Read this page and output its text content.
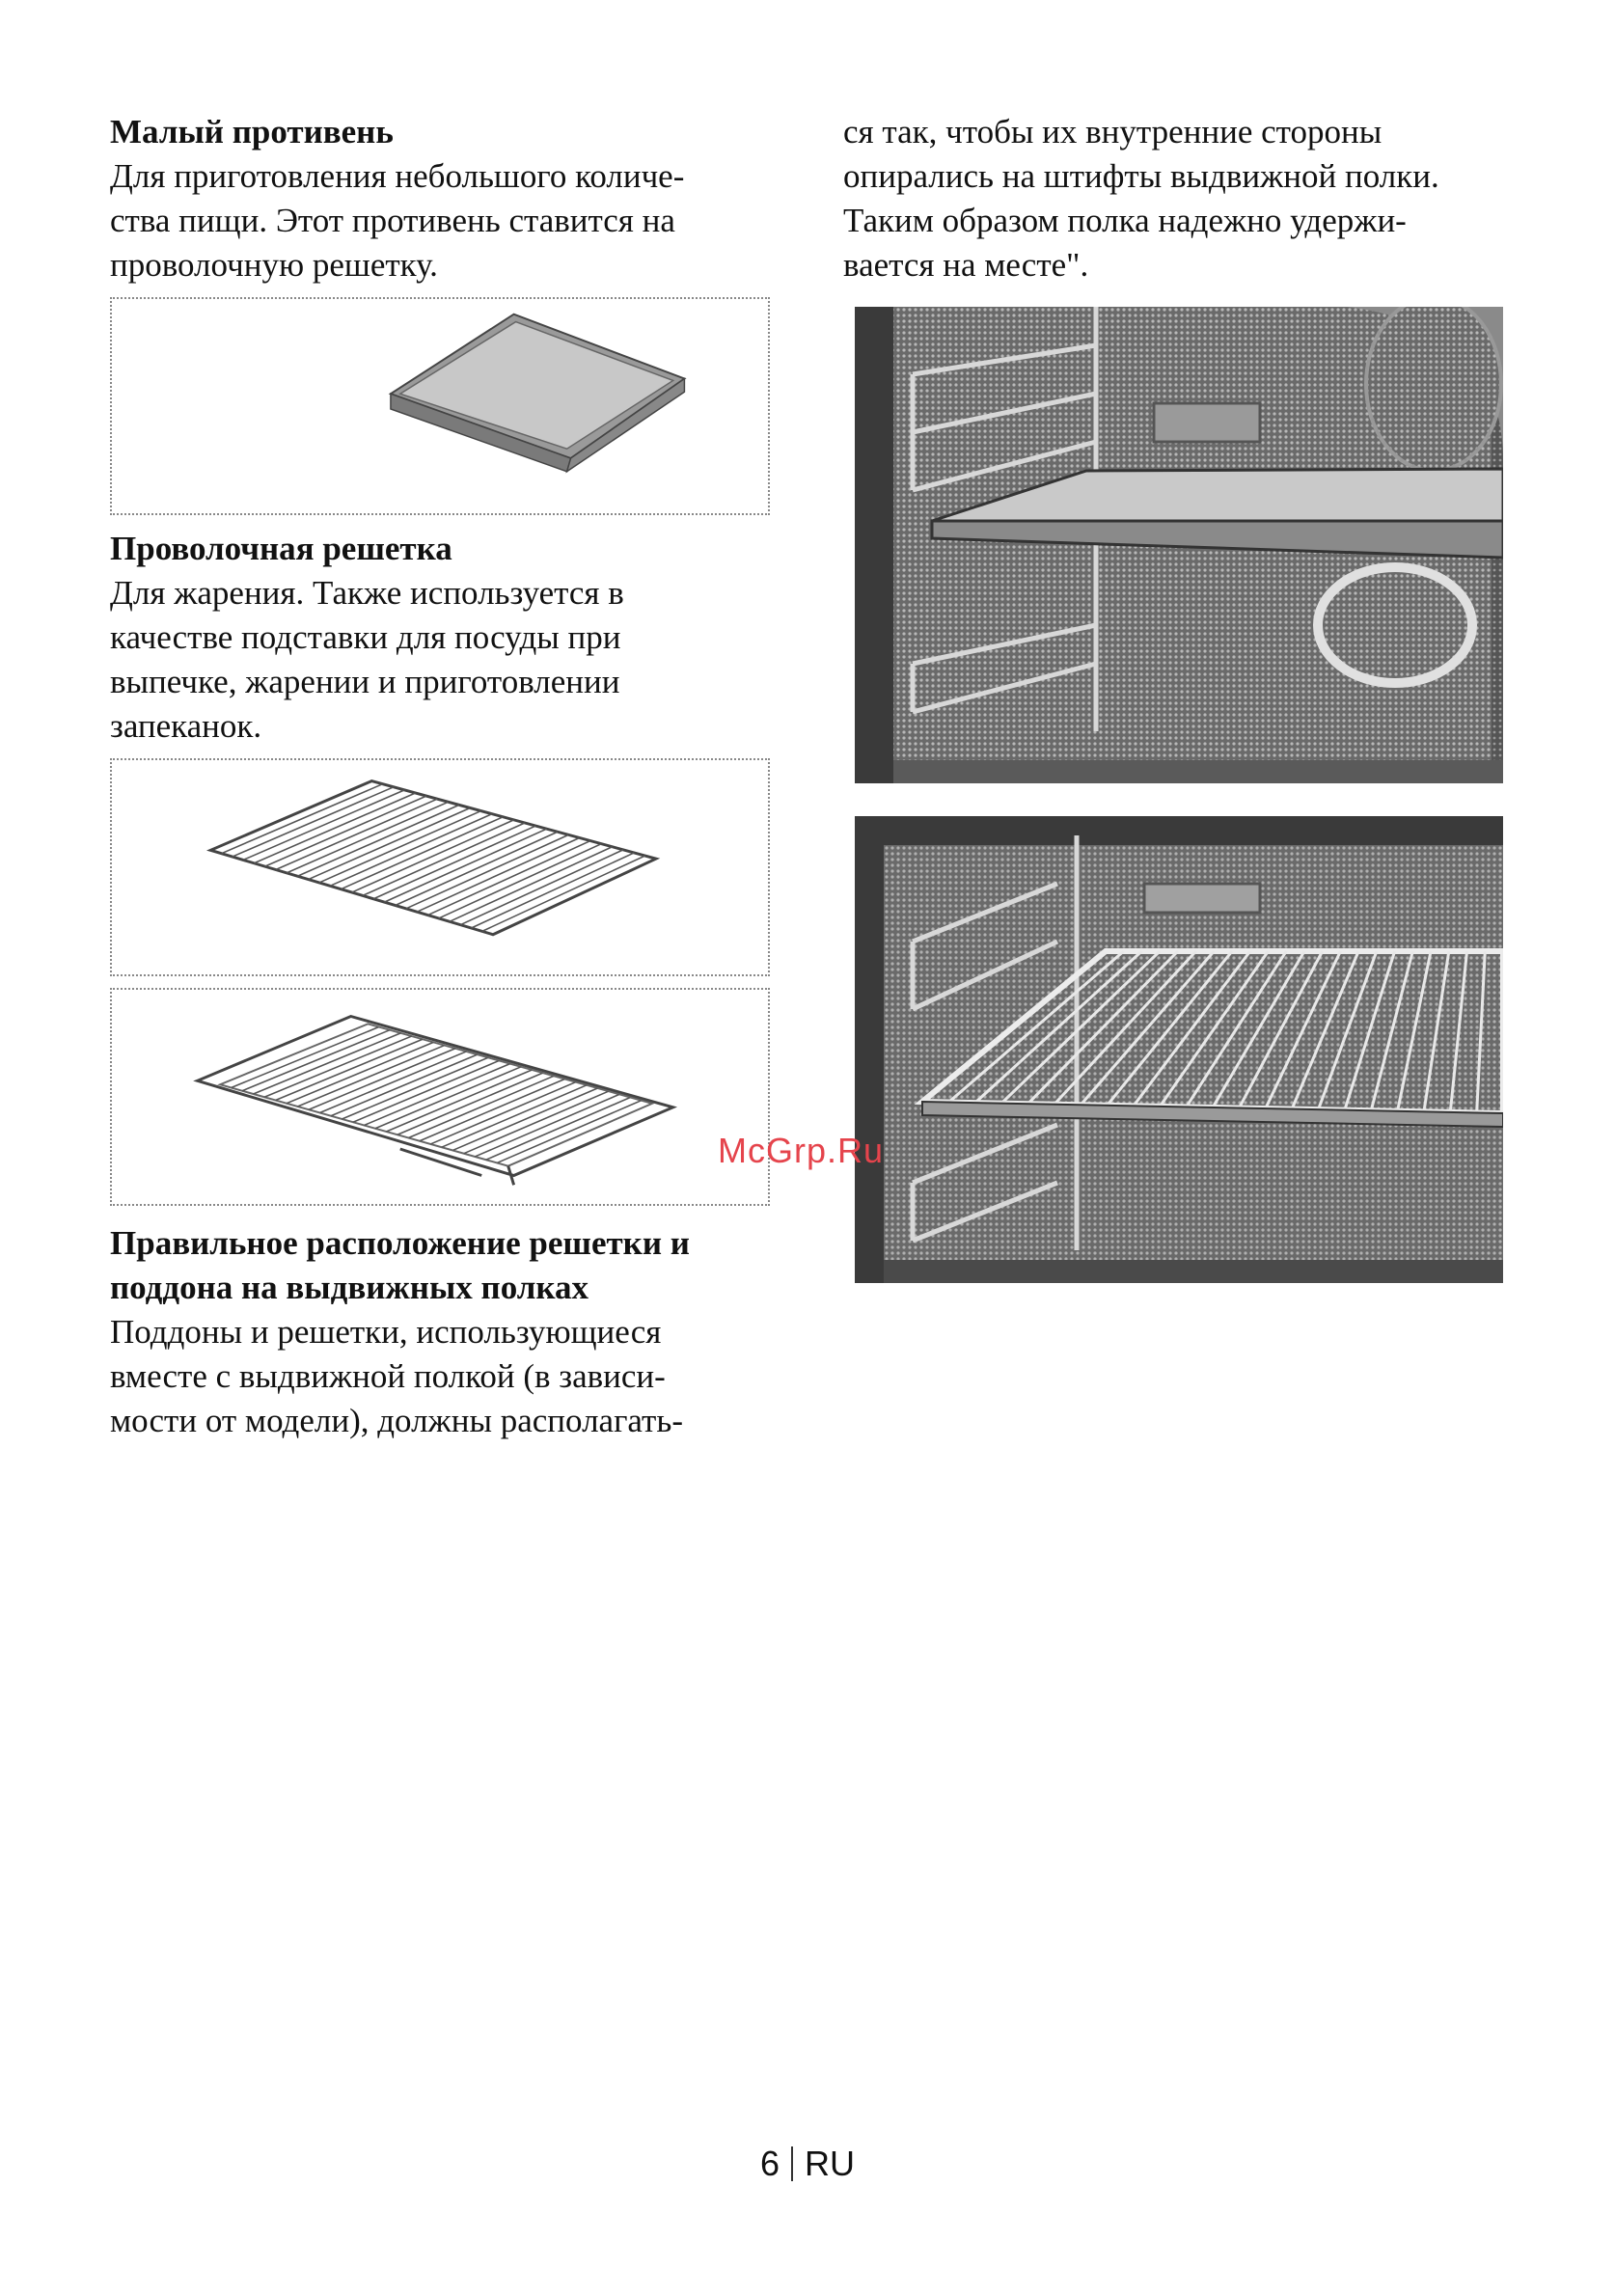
Малый противень

Для приготовления небольшого количе-
ства пищи. Этот противень ставится на
проволочную решетку.

Проволочная решетка

Для жарения. Также используется в
качестве подставки для посуды при
выпечке, жарении и приготовлении
запеканок.

Правильное расположение решетки и
поддона на выдвижных полках

Поддоны и решетки, использующиеся
вместе с выдвижной полкой (в зависи-
мости от модели), должны располагать-

ся так, чтобы их внутренние стороны
опирались на штифты выдвижной полки.
Таким образом полка надежно удержи-
вается на месте".

McGrp.Ru
6 RU
